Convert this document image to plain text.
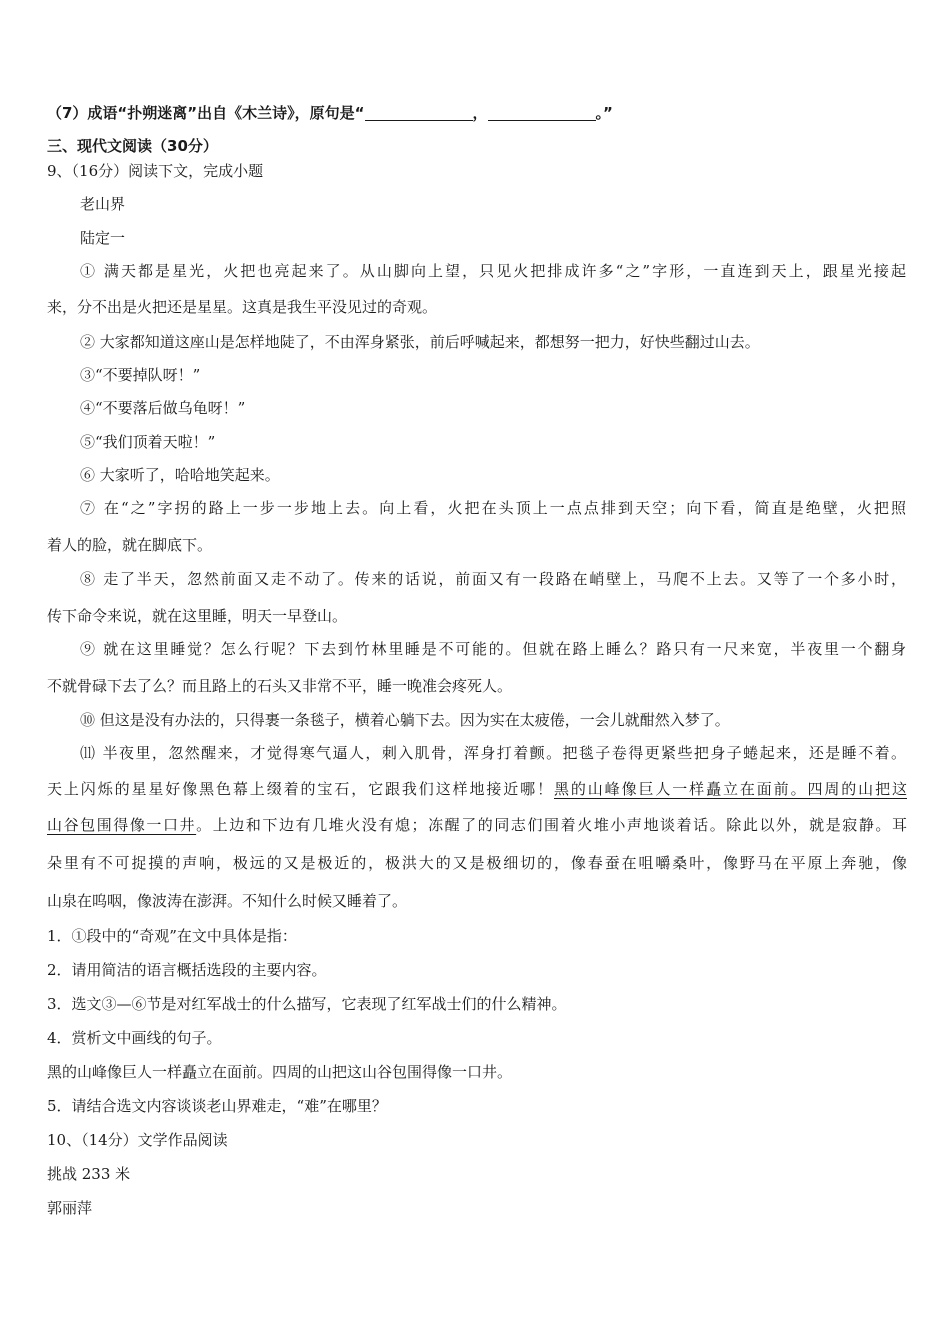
（7）成语“扑朔迷离”出自《木兰诗》，原句是“	，	。”
三、现代文阅读（30分）
9、（16分）阅读下文，完成小题
老山界
陆定一
① 满天都是星光，火把也亮起来了。从山脚向上望，只见火把排成许多“之”字形，一直连到天上，跟星光接起
来，分不出是火把还是星星。这真是我生平没见过的奇观。
② 大家都知道这座山是怎样地陡了，不由浑身紧张，前后呼喊起来，都想努一把力，好快些翻过山去。
③“不要掉队呀！”
④“不要落后做乌龟呀！”
⑤“我们顶着天啦！”
⑥ 大家听了，哈哈地笑起来。
⑦ 在“之”字拐的路上一步一步地上去。向上看，火把在头顶上一点点排到天空；向下看，简直是绝壁，火把照
着人的脸，就在脚底下。
⑧ 走了半天，忽然前面又走不动了。传来的话说，前面又有一段路在峭壁上，马爬不上去。又等了一个多小时，
传下命令来说，就在这里睡，明天一早登山。
⑨ 就在这里睡觉？怎么行呢？下去到竹林里睡是不可能的。但就在路上睡么？路只有一尺来宽，半夜里一个翻身
不就骨碌下去了么？而且路上的石头又非常不平，睡一晚准会疼死人。
⑩ 但这是没有办法的，只得裹一条毯子，横着心躺下去。因为实在太疲倦，一会儿就酣然入梦了。
⑾ 半夜里，忽然醒来，才觉得寒气逼人，刺入肌骨，浑身打着颤。把毯子卷得更紧些把身子蜷起来，还是睡不着。
天上闪烁的星星好像黑色幕上缀着的宝石，它跟我们这样地接近哪！黑的山峰像巨人一样矗立在面前。四周的山把这
山谷包围得像一口井。上边和下边有几堆火没有熄；冻醒了的同志们围着火堆小声地谈着话。除此以外，就是寂静。耳
朵里有不可捉摸的声响，极远的又是极近的，极洪大的又是极细切的，像春蚕在咀嚼桑叶，像野马在平原上奔驰，像
山泉在呜咽，像波涛在澎湃。不知什么时候又睡着了。
1．①段中的“奇观”在文中具体是指：
2．请用简洁的语言概括选段的主要内容。
3．选文③—⑥节是对红军战士的什么描写，它表现了红军战士们的什么精神。
4．赏析文中画线的句子。
黑的山峰像巨人一样矗立在面前。四周的山把这山谷包围得像一口井。
5．请结合选文内容谈谈老山界难走，“难”在哪里？
10、（14分）文学作品阅读
挑战 233 米
郭丽萍
